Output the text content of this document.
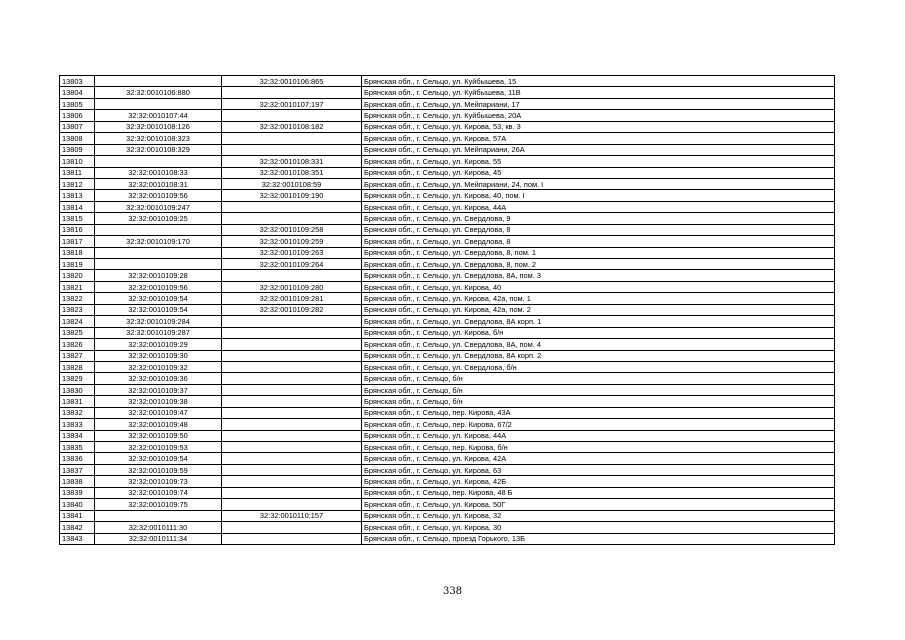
13803		32:32:0010106:865	Брянская обл., г. Сельцо, ул. Куйбышева, 15
13804	32:32:0010106:880		Брянская обл., г. Сельцо, ул. Куйбышева, 11В
13805		32:32:0010107:197	Брянская обл., г. Сельцо, ул. Мейпариани, 17
13806	32:32:0010107:44		Брянская обл., г. Сельцо, ул. Куйбышева, 20А
13807	32:32:0010108:126	32:32:0010108:182	Брянская обл., г. Сельцо, ул. Кирова, 53, кв. 3
13808	32:32:0010108:323		Брянская обл., г. Сельцо, ул. Кирова, 57А
13809	32:32:0010108:329		Брянская обл., г. Сельцо, ул. Мейпариани, 26А
13810		32:32:0010108:331	Брянская обл., г. Сельцо, ул. Кирова, 55
13811	32:32:0010108:33	32:32:0010108:351	Брянская обл., г. Сельцо, ул. Кирова, 45
13812	32:32:0010108:31	32:32:0010108:59	Брянская обл., г. Сельцо, ул. Мейпариани, 24, пом. I
13813	32:32:0010109:56	32:32:0010109:190	Брянская обл., г. Сельцо, ул. Кирова, 40, пом. I
13814	32:32:0010109:247		Брянская обл., г. Сельцо, ул. Кирова, 44А
13815	32:32:0010109:25		Брянская обл., г. Сельцо, ул. Свердлова, 9
13816		32:32:0010109:258	Брянская обл., г. Сельцо, ул. Свердлова, 8
13817	32:32:0010109:170	32:32:0010109:259	Брянская обл., г. Сельцо, ул. Свердлова, 8
13818		32:32:0010109:263	Брянская обл., г. Сельцо, ул. Свердлова, 8, пом. 1
13819		32:32:0010109:264	Брянская обл., г. Сельцо, ул. Свердлова, 8, пом. 2
13820	32:32:0010109:28		Брянская обл., г. Сельцо, ул. Свердлова, 8А, пом. 3
13821	32:32:0010109:56	32:32:0010109:280	Брянская обл., г. Сельцо, ул. Кирова, 40
13822	32:32:0010109:54	32:32:0010109:281	Брянская обл., г. Сельцо, ул. Кирова, 42а, пом. 1
13823	32:32:0010109:54	32:32:0010109:282	Брянская обл., г. Сельцо, ул. Кирова, 42а, пом. 2
13824	32:32:0010109:284		Брянская обл., г. Сельцо, ул. Свердлова, 8А корп. 1
13825	32:32:0010109:287		Брянская обл., г. Сельцо, ул. Кирова, б/н
13826	32:32:0010109:29		Брянская обл., г. Сельцо, ул. Свердлова, 8А, пом. 4
13827	32:32:0010109:30		Брянская обл., г. Сельцо, ул. Свердлова, 8А корп. 2
13828	32:32:0010109:32		Брянская обл., г. Сельцо, ул. Свердлова, б/н
13829	32:32:0010109:36		Брянская обл., г. Сельцо, б/н
13830	32:32:0010109:37		Брянская обл., г. Сельцо, б/н
13831	32:32:0010109:38		Брянская обл., г. Сельцо, б/н
13832	32:32:0010109:47		Брянская обл., г. Сельцо, пер. Кирова, 43А
13833	32:32:0010109:48		Брянская обл., г. Сельцо, пер. Кирова, 67/2
13834	32:32:0010109:50		Брянская обл., г. Сельцо, ул. Кирова, 44А
13835	32:32:0010109:53		Брянская обл., г. Сельцо, пер. Кирова, б/н
13836	32:32:0010109:54		Брянская обл., г. Сельцо, ул. Кирова, 42А
13837	32:32:0010109:59		Брянская обл., г. Сельцо, ул. Кирова, 63
13838	32:32:0010109:73		Брянская обл., г. Сельцо, ул. Кирова, 42Б
13839	32:32:0010109:74		Брянская обл., г. Сельцо, пер. Кирова, 48 Б
13840	32:32:0010109:75		Брянская обл., г. Сельцо, ул. Кирова, 50Г
13841		32:32:0010110:157	Брянская обл., г. Сельцо, ул. Кирова, 32
13842	32:32:0010111:30		Брянская обл., г. Сельцо, ул. Кирова, 30
13843	32:32:0010111:34		Брянская обл., г. Сельцо, проезд Горького, 13Б
338
